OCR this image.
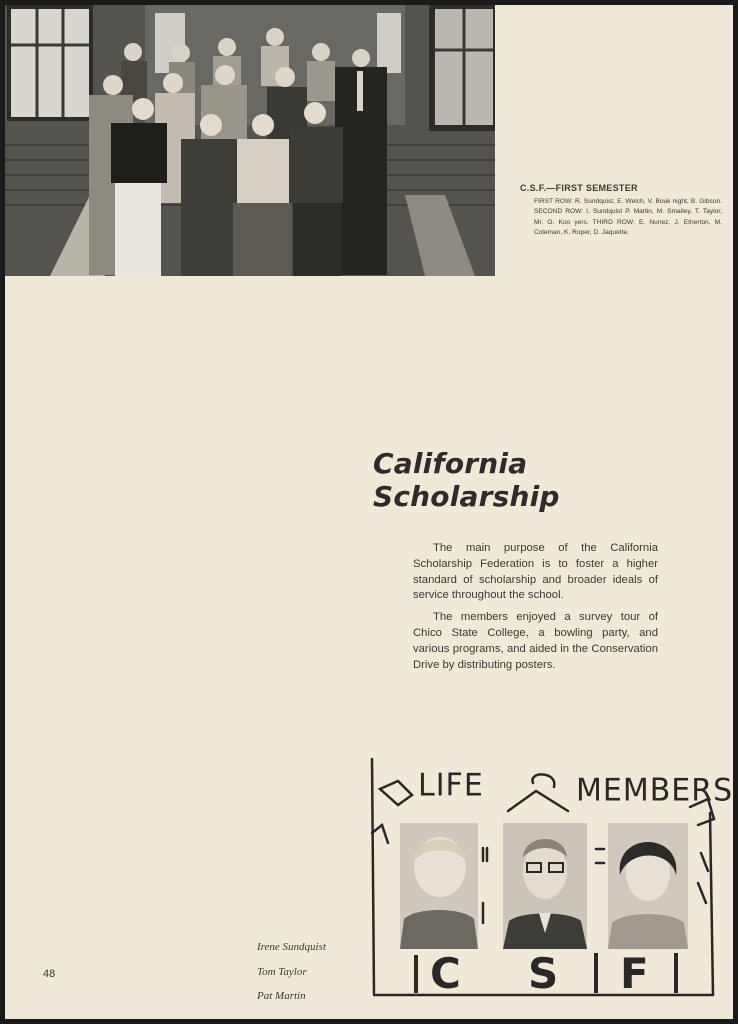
C.S.F.—FIRST SEMESTER

FIRST ROW: R. Sundquist, E. Welch, V. Bouk night, B. Gibson. SECOND ROW: I. Sundquist P. Martin, M. Smalley, T. Taylor, Mr. O. Koo yers. THIRD ROW: E. Nunez, J. Etherton, M. Coleman, K. Roper, D. Jaquette.

California Scholarship

The main purpose of the California Scholarship Federation is to foster a higher standard of scholarship and broader ideals of service throughout the school.

The members enjoyed a survey tour of Chico State College, a bowling party, and various programs, and aided in the Conservation Drive by distributing posters.

LIFE	MEMBERS
C S F
Irene Sundquist
Tom Taylor
Pat Martin
48
